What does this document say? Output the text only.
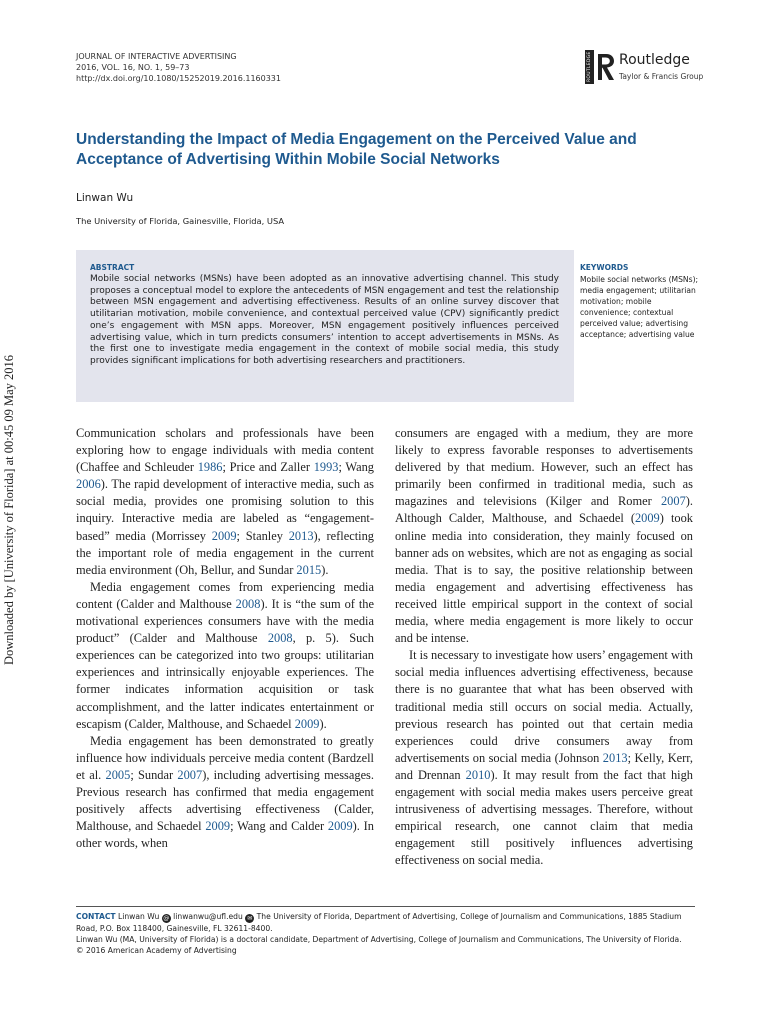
JOURNAL OF INTERACTIVE ADVERTISING
2016, VOL. 16, NO. 1, 59–73
http://dx.doi.org/10.1080/15252019.2016.1160331	ROUTLEDGE Routledge
Taylor & Francis Group
Understanding the Impact of Media Engagement on the Perceived Value and Acceptance of Advertising Within Mobile Social Networks
Linwan Wu
The University of Florida, Gainesville, Florida, USA
ABSTRACT
Mobile social networks (MSNs) have been adopted as an innovative advertising channel. This study proposes a conceptual model to explore the antecedents of MSN engagement and test the relationship between MSN engagement and advertising effectiveness. Results of an online survey discover that utilitarian motivation, mobile convenience, and contextual perceived value (CPV) significantly predict one’s engagement with MSN apps. Moreover, MSN engagement positively influences perceived advertising value, which in turn predicts consumers’ intention to accept advertisements in MSNs. As the first one to investigate media engagement in the context of mobile social media, this study provides significant implications for both advertising researchers and practitioners.
KEYWORDS
Mobile social networks (MSNs); media engagement; utilitarian motivation; mobile convenience; contextual perceived value; advertising acceptance; advertising value
Downloaded by [University of Florida] at 00:45 09 May 2016	Communication scholars and professionals have been exploring how to engage individuals with media content (Chaffee and Schleuder 1986; Price and Zaller 1993; Wang 2006). The rapid development of interactive media, such as social media, provides one promising solution to this inquiry. Interactive media are labeled as “engagement-based” media (Morrissey 2009; Stanley 2013), reflecting the important role of media engagement in the current media environment (Oh, Bellur, and Sundar 2015).

Media engagement comes from experiencing media content (Calder and Malthouse 2008). It is “the sum of the motivational experiences consumers have with the media product” (Calder and Malthouse 2008, p. 5). Such experiences can be categorized into two groups: utilitarian experiences and intrinsically enjoyable experiences. The former indicates information acquisition or task accomplishment, and the latter indicates entertainment or escapism (Calder, Malthouse, and Schaedel 2009).

Media engagement has been demonstrated to greatly influence how individuals perceive media content (Bardzell et al. 2005; Sundar 2007), including advertising messages. Previous research has confirmed that media engagement positively affects advertising effectiveness (Calder, Malthouse, and Schaedel 2009; Wang and Calder 2009). In other words, when

consumers are engaged with a medium, they are more likely to express favorable responses to advertisements delivered by that medium. However, such an effect has primarily been confirmed in traditional media, such as magazines and televisions (Kilger and Romer 2007). Although Calder, Malthouse, and Schaedel (2009) took online media into consideration, they mainly focused on banner ads on websites, which are not as engaging as social media. That is to say, the positive relationship between media engagement and advertising effectiveness has received little empirical support in the context of social media, where media engagement is more likely to occur and be intense.

It is necessary to investigate how users’ engagement with social media influences advertising effectiveness, because there is no guarantee that what has been observed with traditional media still occurs on social media. Actually, previous research has pointed out that certain media experiences could drive consumers away from advertisements on social media (Johnson 2013; Kelly, Kerr, and Drennan 2010). It may result from the fact that high engagement with social media makes users perceive great intrusiveness of advertising messages. Therefore, without empirical research, one cannot claim that media engagement still positively influences advertising effectiveness on social media.

CONTACT Linwan Wu @ linwanwu@ufl.edu ✉ The University of Florida, Department of Advertising, College of Journalism and Communications, 1885 Stadium Road, P.O. Box 118400, Gainesville, FL 32611-8400.
Linwan Wu (MA, University of Florida) is a doctoral candidate, Department of Advertising, College of Journalism and Communications, The University of Florida.
© 2016 American Academy of Advertising
